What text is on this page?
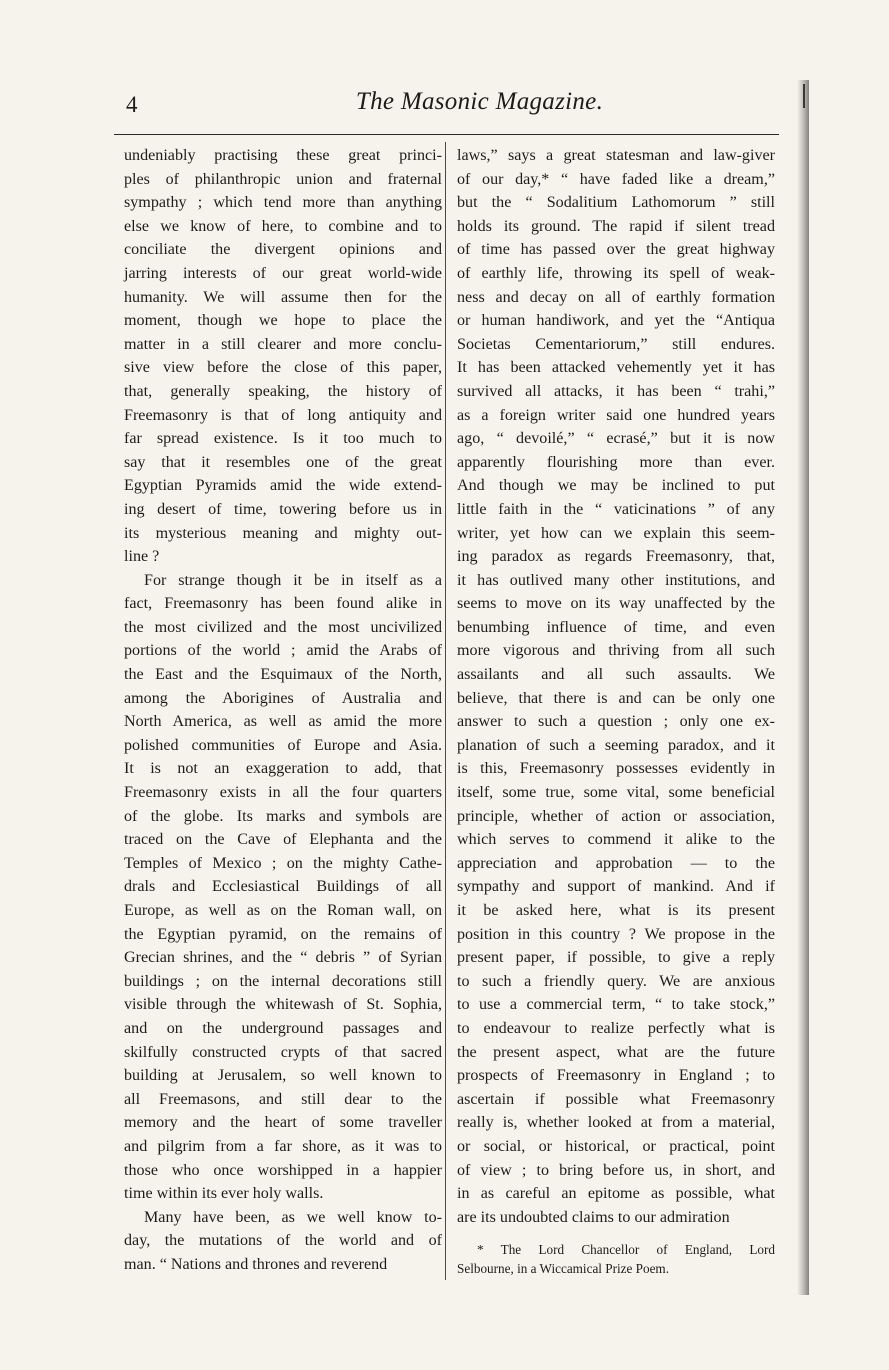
4	The Masonic Magazine.
undeniably practising these great princi-
ples of philanthropic union and fraternal
sympathy ; which tend more than anything
else we know of here, to combine and to
conciliate the divergent opinions and
jarring interests of our great world-wide
humanity. We will assume then for the
moment, though we hope to place the
matter in a still clearer and more conclu-
sive view before the close of this paper,
that, generally speaking, the history of
Freemasonry is that of long antiquity and
far spread existence. Is it too much to
say that it resembles one of the great
Egyptian Pyramids amid the wide extend-
ing desert of time, towering before us in
its mysterious meaning and mighty out-
line ?
For strange though it be in itself as a
fact, Freemasonry has been found alike in
the most civilized and the most uncivilized
portions of the world ; amid the Arabs of
the East and the Esquimaux of the North,
among the Aborigines of Australia and
North America, as well as amid the more
polished communities of Europe and Asia.
It is not an exaggeration to add, that
Freemasonry exists in all the four quarters
of the globe. Its marks and symbols are
traced on the Cave of Elephanta and the
Temples of Mexico ; on the mighty Cathe-
drals and Ecclesiastical Buildings of all
Europe, as well as on the Roman wall, on
the Egyptian pyramid, on the remains of
Grecian shrines, and the “ debris ” of Syrian
buildings ; on the internal decorations still
visible through the whitewash of St. Sophia,
and on the underground passages and
skilfully constructed crypts of that sacred
building at Jerusalem, so well known to
all Freemasons, and still dear to the
memory and the heart of some traveller
and pilgrim from a far shore, as it was to
those who once worshipped in a happier
time within its ever holy walls.
Many have been, as we well know to-
day, the mutations of the world and of
man. “ Nations and thrones and reverend
laws,” says a great statesman and law-giver
of our day,* “ have faded like a dream,”
but the “ Sodalitium Lathomorum ” still
holds its ground. The rapid if silent tread
of time has passed over the great highway
of earthly life, throwing its spell of weak-
ness and decay on all of earthly formation
or human handiwork, and yet the “Antiqua
Societas Cementariorum,” still endures.
It has been attacked vehemently yet it has
survived all attacks, it has been “ trahi,”
as a foreign writer said one hundred years
ago, “ devoilé,” “ ecrasé,” but it is now
apparently flourishing more than ever.
And though we may be inclined to put
little faith in the “ vaticinations ” of any
writer, yet how can we explain this seem-
ing paradox as regards Freemasonry, that,
it has outlived many other institutions, and
seems to move on its way unaffected by the
benumbing influence of time, and even
more vigorous and thriving from all such
assailants and all such assaults. We
believe, that there is and can be only one
answer to such a question ; only one ex-
planation of such a seeming paradox, and it
is this, Freemasonry possesses evidently in
itself, some true, some vital, some beneficial
principle, whether of action or association,
which serves to commend it alike to the
appreciation and approbation — to the
sympathy and support of mankind. And if
it be asked here, what is its present
position in this country ? We propose in the
present paper, if possible, to give a reply
to such a friendly query. We are anxious
to use a commercial term, “ to take stock,”
to endeavour to realize perfectly what is
the present aspect, what are the future
prospects of Freemasonry in England ; to
ascertain if possible what Freemasonry
really is, whether looked at from a material,
or social, or historical, or practical, point
of view ; to bring before us, in short, and
in as careful an epitome as possible, what
are its undoubted claims to our admiration
* The Lord Chancellor of England, Lord
Selbourne, in a Wiccamical Prize Poem.
